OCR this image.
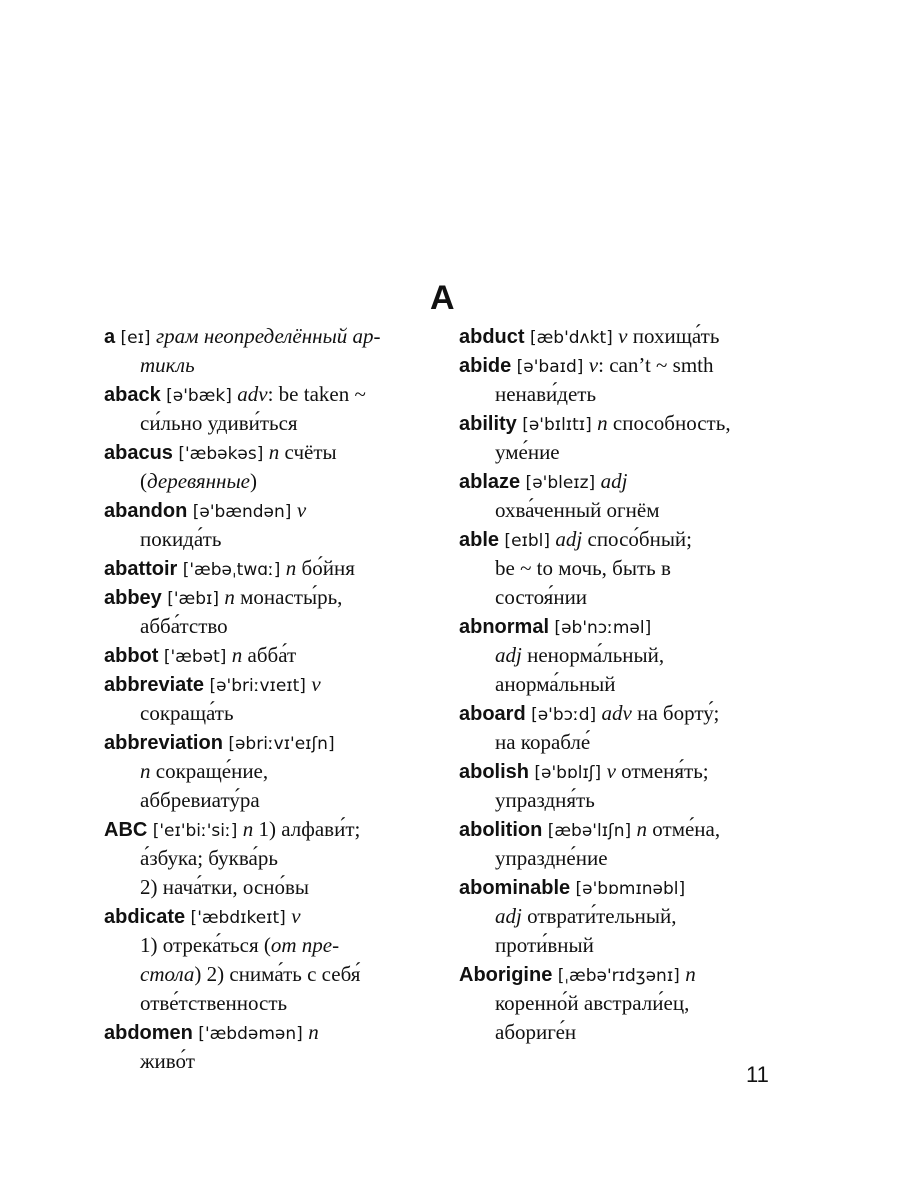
A
a [eɪ] грам неопределённый ар-
тикль
aback [ə'bæk] adv: be taken ~
си́льно удиви́ться
abacus ['æbəkəs] n счёты
(деревянные)
abandon [ə'bændən] v
покида́ть
abattoir ['æbəˌtwɑː] n бо́йня
abbey ['æbɪ] n монасты́рь,
абба́тство
abbot ['æbət] n абба́т
abbreviate [ə'briːvɪeɪt] v
сокраща́ть
abbreviation [əbriːvɪ'eɪʃn]
n сокраще́ние,
аббревиату́ра
ABC ['eɪ'biː'siː] n 1) алфави́т;
а́збука; буква́рь
2) нача́тки, осно́вы
abdicate ['æbdɪkeɪt] v
1) отрека́ться (от пре-
стола) 2) снима́ть с себя́
отве́тственность
abdomen ['æbdəmən] n
живо́т
abduct [æb'dʌkt] v похища́ть
abide [ə'baɪd] v: can’t ~ smth
ненави́деть
ability [ə'bɪlɪtɪ] n способность,
уме́ние
ablaze [ə'bleɪz] adj
охва́ченный огнём
able [eɪbl] adj спосо́бный;
be ~ to мочь, быть в
состоя́нии
abnormal [əb'nɔːməl]
adj ненорма́льный,
анорма́льный
aboard [ə'bɔːd] adv на борту́;
на корабле́
abolish [ə'bɒlɪʃ] v отменя́ть;
упраздня́ть
abolition [æbə'lɪʃn] n отме́на,
упраздне́ние
abominable [ə'bɒmɪnəbl]
adj отврати́тельный,
проти́вный
Aborigine [ˌæbə'rɪdʒənɪ] n
коренно́й австрали́ец,
абориге́н
11
